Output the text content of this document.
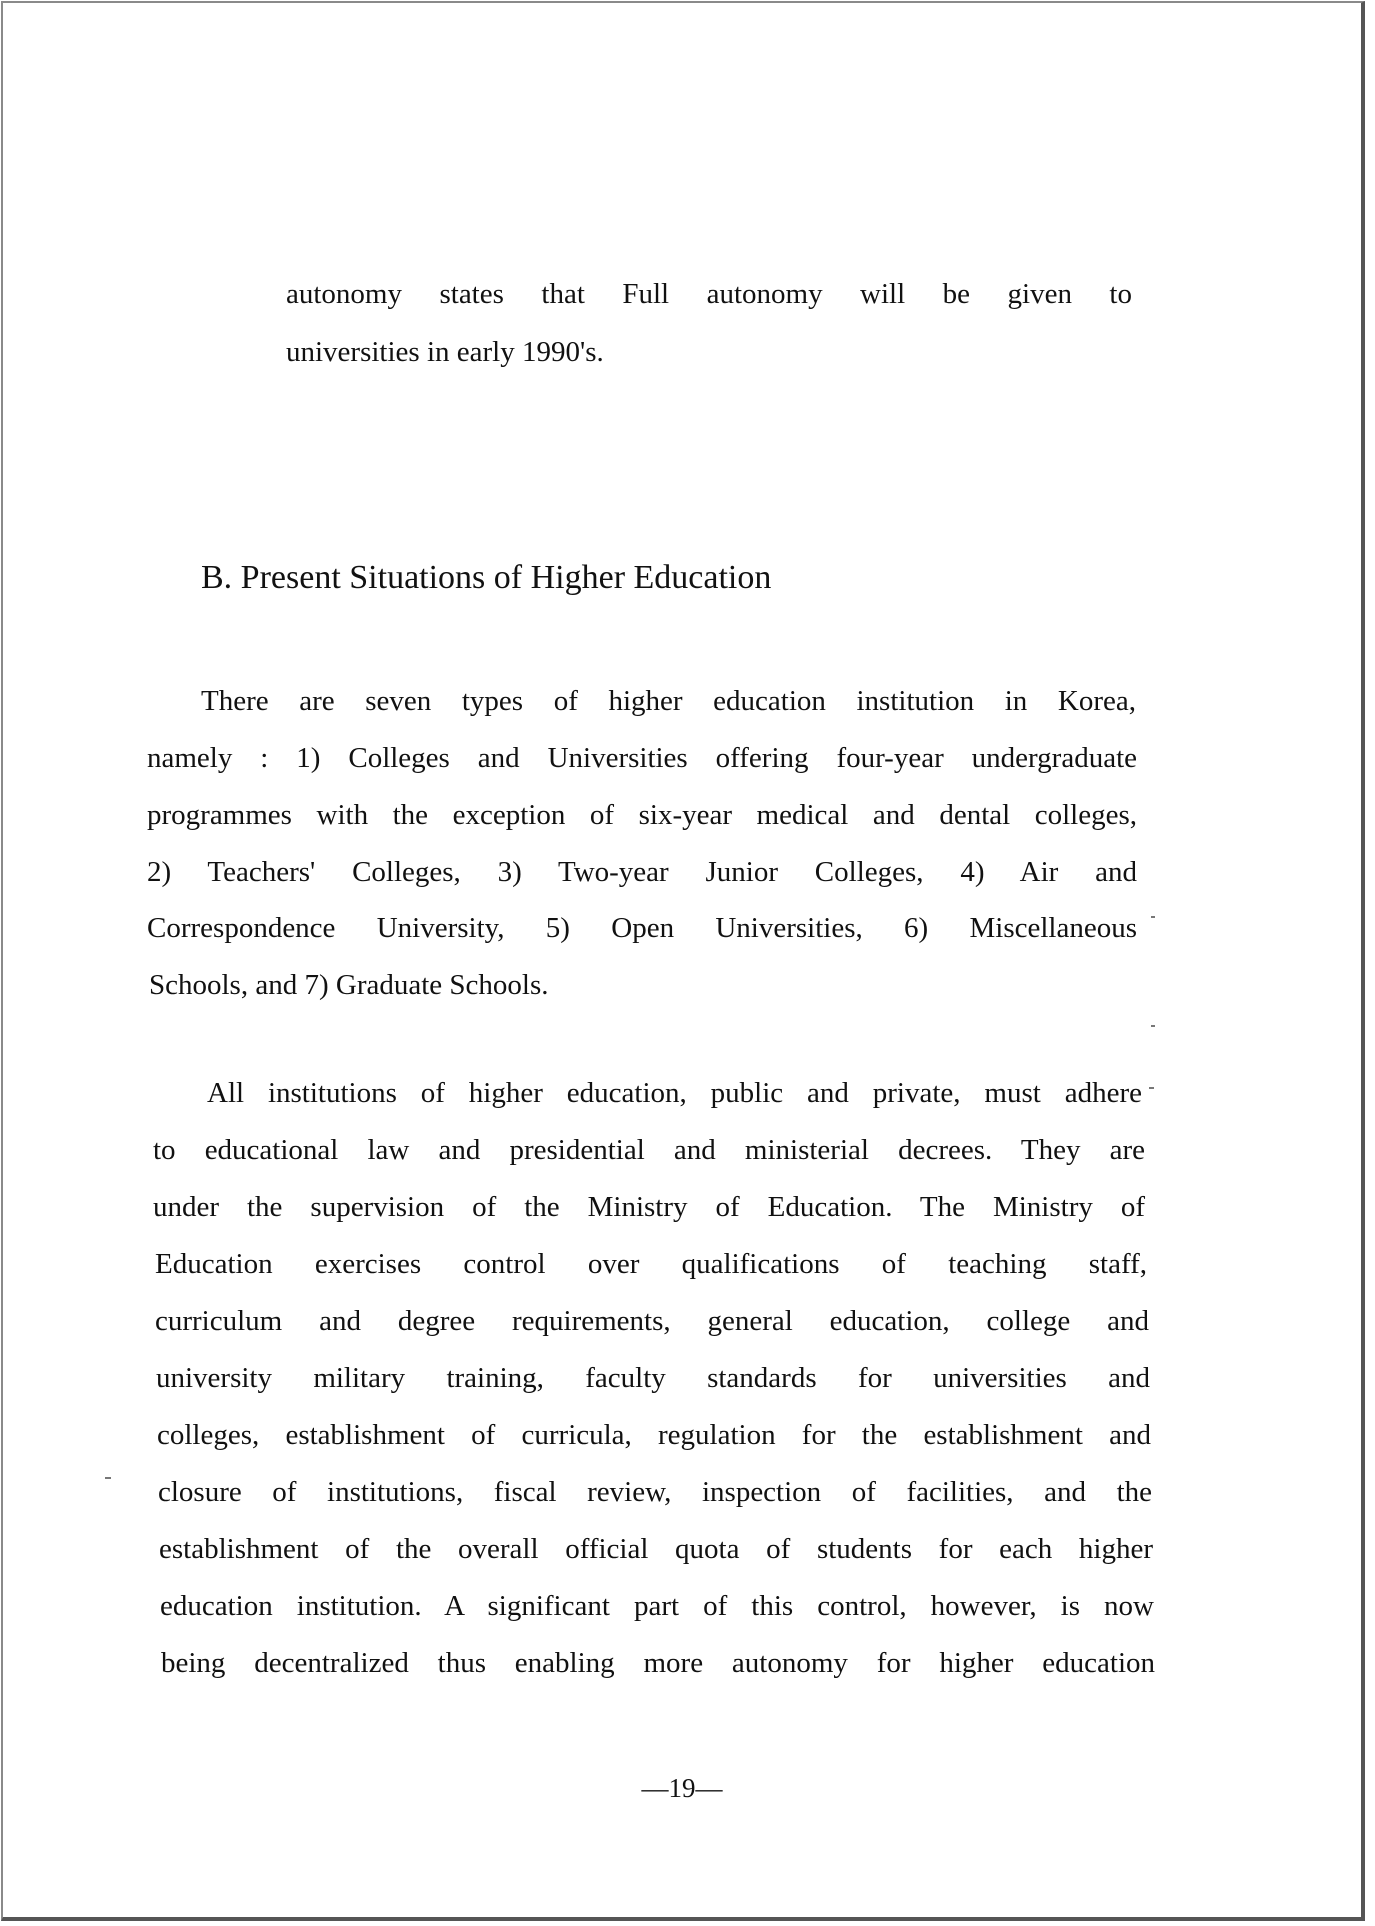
autonomy states that Full autonomy will be given to
universities in early 1990's.
B. Present Situations of Higher Education
There are seven types of higher education institution in Korea,
namely : 1) Colleges and Universities offering four-year undergraduate
programmes with the exception of six-year medical and dental colleges,
2) Teachers' Colleges, 3) Two-year Junior Colleges, 4) Air and
Correspondence University, 5) Open Universities, 6) Miscellaneous
Schools, and 7) Graduate Schools.
All institutions of higher education, public and private, must adhere
to educational law and presidential and ministerial decrees. They are
under the supervision of the Ministry of Education. The Ministry of
Education exercises control over qualifications of teaching staff,
curriculum and degree requirements, general education, college and
university military training, faculty standards for universities and
colleges, establishment of curricula, regulation for the establishment and
closure of institutions, fiscal review, inspection of facilities, and the
establishment of the overall official quota of students for each higher
education institution. A significant part of this control, however, is now
being decentralized thus enabling more autonomy for higher education
—19—
